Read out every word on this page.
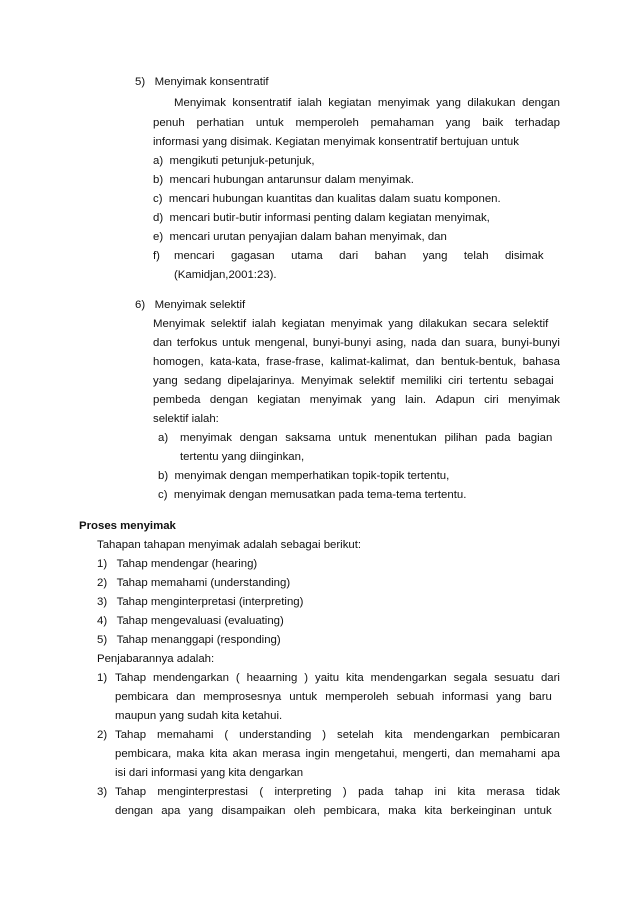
5) Menyimak konsentratif
Menyimak konsentratif ialah kegiatan menyimak yang dilakukan dengan
penuh perhatian untuk memperoleh pemahaman yang baik terhadap
informasi yang disimak. Kegiatan menyimak konsentratif bertujuan untuk
a) mengikuti petunjuk-petunjuk,
b) mencari hubungan antarunsur dalam menyimak.
c) mencari hubungan kuantitas dan kualitas dalam suatu komponen.
d) mencari butir-butir informasi penting dalam kegiatan menyimak,
e) mencari urutan penyajian dalam bahan menyimak, dan
f) mencari gagasan utama dari bahan yang telah disimak
(Kamidjan,2001:23).
6) Menyimak selektif
Menyimak selektif ialah kegiatan menyimak yang dilakukan secara selektif
dan terfokus untuk mengenal, bunyi-bunyi asing, nada dan suara, bunyi-bunyi
homogen, kata-kata, frase-frase, kalimat-kalimat, dan bentuk-bentuk, bahasa
yang sedang dipelajarinya. Menyimak selektif memiliki ciri tertentu sebagai
pembeda dengan kegiatan menyimak yang lain. Adapun ciri menyimak
selektif ialah:
a) menyimak dengan saksama untuk menentukan pilihan pada bagian
tertentu yang diinginkan,
b) menyimak dengan memperhatikan topik-topik tertentu,
c) menyimak dengan memusatkan pada tema-tema tertentu.
Proses menyimak
Tahapan tahapan menyimak adalah sebagai berikut:
1) Tahap mendengar (hearing)
2) Tahap memahami (understanding)
3) Tahap menginterpretasi (interpreting)
4) Tahap mengevaluasi (evaluating)
5) Tahap menanggapi (responding)
Penjabarannya adalah:
1) Tahap mendengarkan ( heaarning ) yaitu kita mendengarkan segala sesuatu dari
pembicara dan memprosesnya untuk memperoleh sebuah informasi yang baru
maupun yang sudah kita ketahui.
2) Tahap memahami ( understanding ) setelah kita mendengarkan pembicaran
pembicara, maka kita akan merasa ingin mengetahui, mengerti, dan memahami apa
isi dari informasi yang kita dengarkan
3) Tahap menginterprestasi ( interpreting ) pada tahap ini kita merasa tidak
dengan apa yang disampaikan oleh pembicara, maka kita berkeinginan untuk
